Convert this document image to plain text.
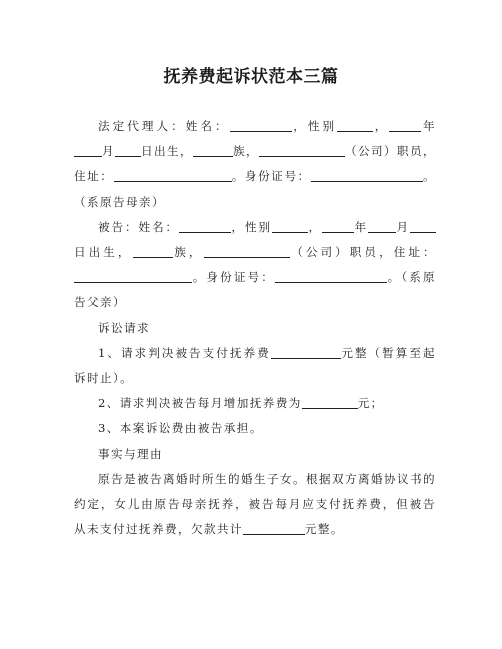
抚养费起诉状范本三篇

法定代理人：姓名：	，性别	，	年月 日出生，	族，	（公司）职员，住址：	。身份证号：	。（系原告母亲）

被告：姓名：	，性别	，	年 月日出生，	族，	（公司）职员，住址：。身份证号：	。（系原告父亲）

诉讼请求

1、请求判决被告支付抚养费	元整（暂算至起诉时止）。

2、请求判决被告每月增加抚养费为	元；

3、本案诉讼费由被告承担。

事实与理由

原告是被告离婚时所生的婚生子女。根据双方离婚协议书的约定，女儿由原告母亲抚养，被告每月应支付抚养费，但被告从未支付过抚养费，欠款共计	元整。
